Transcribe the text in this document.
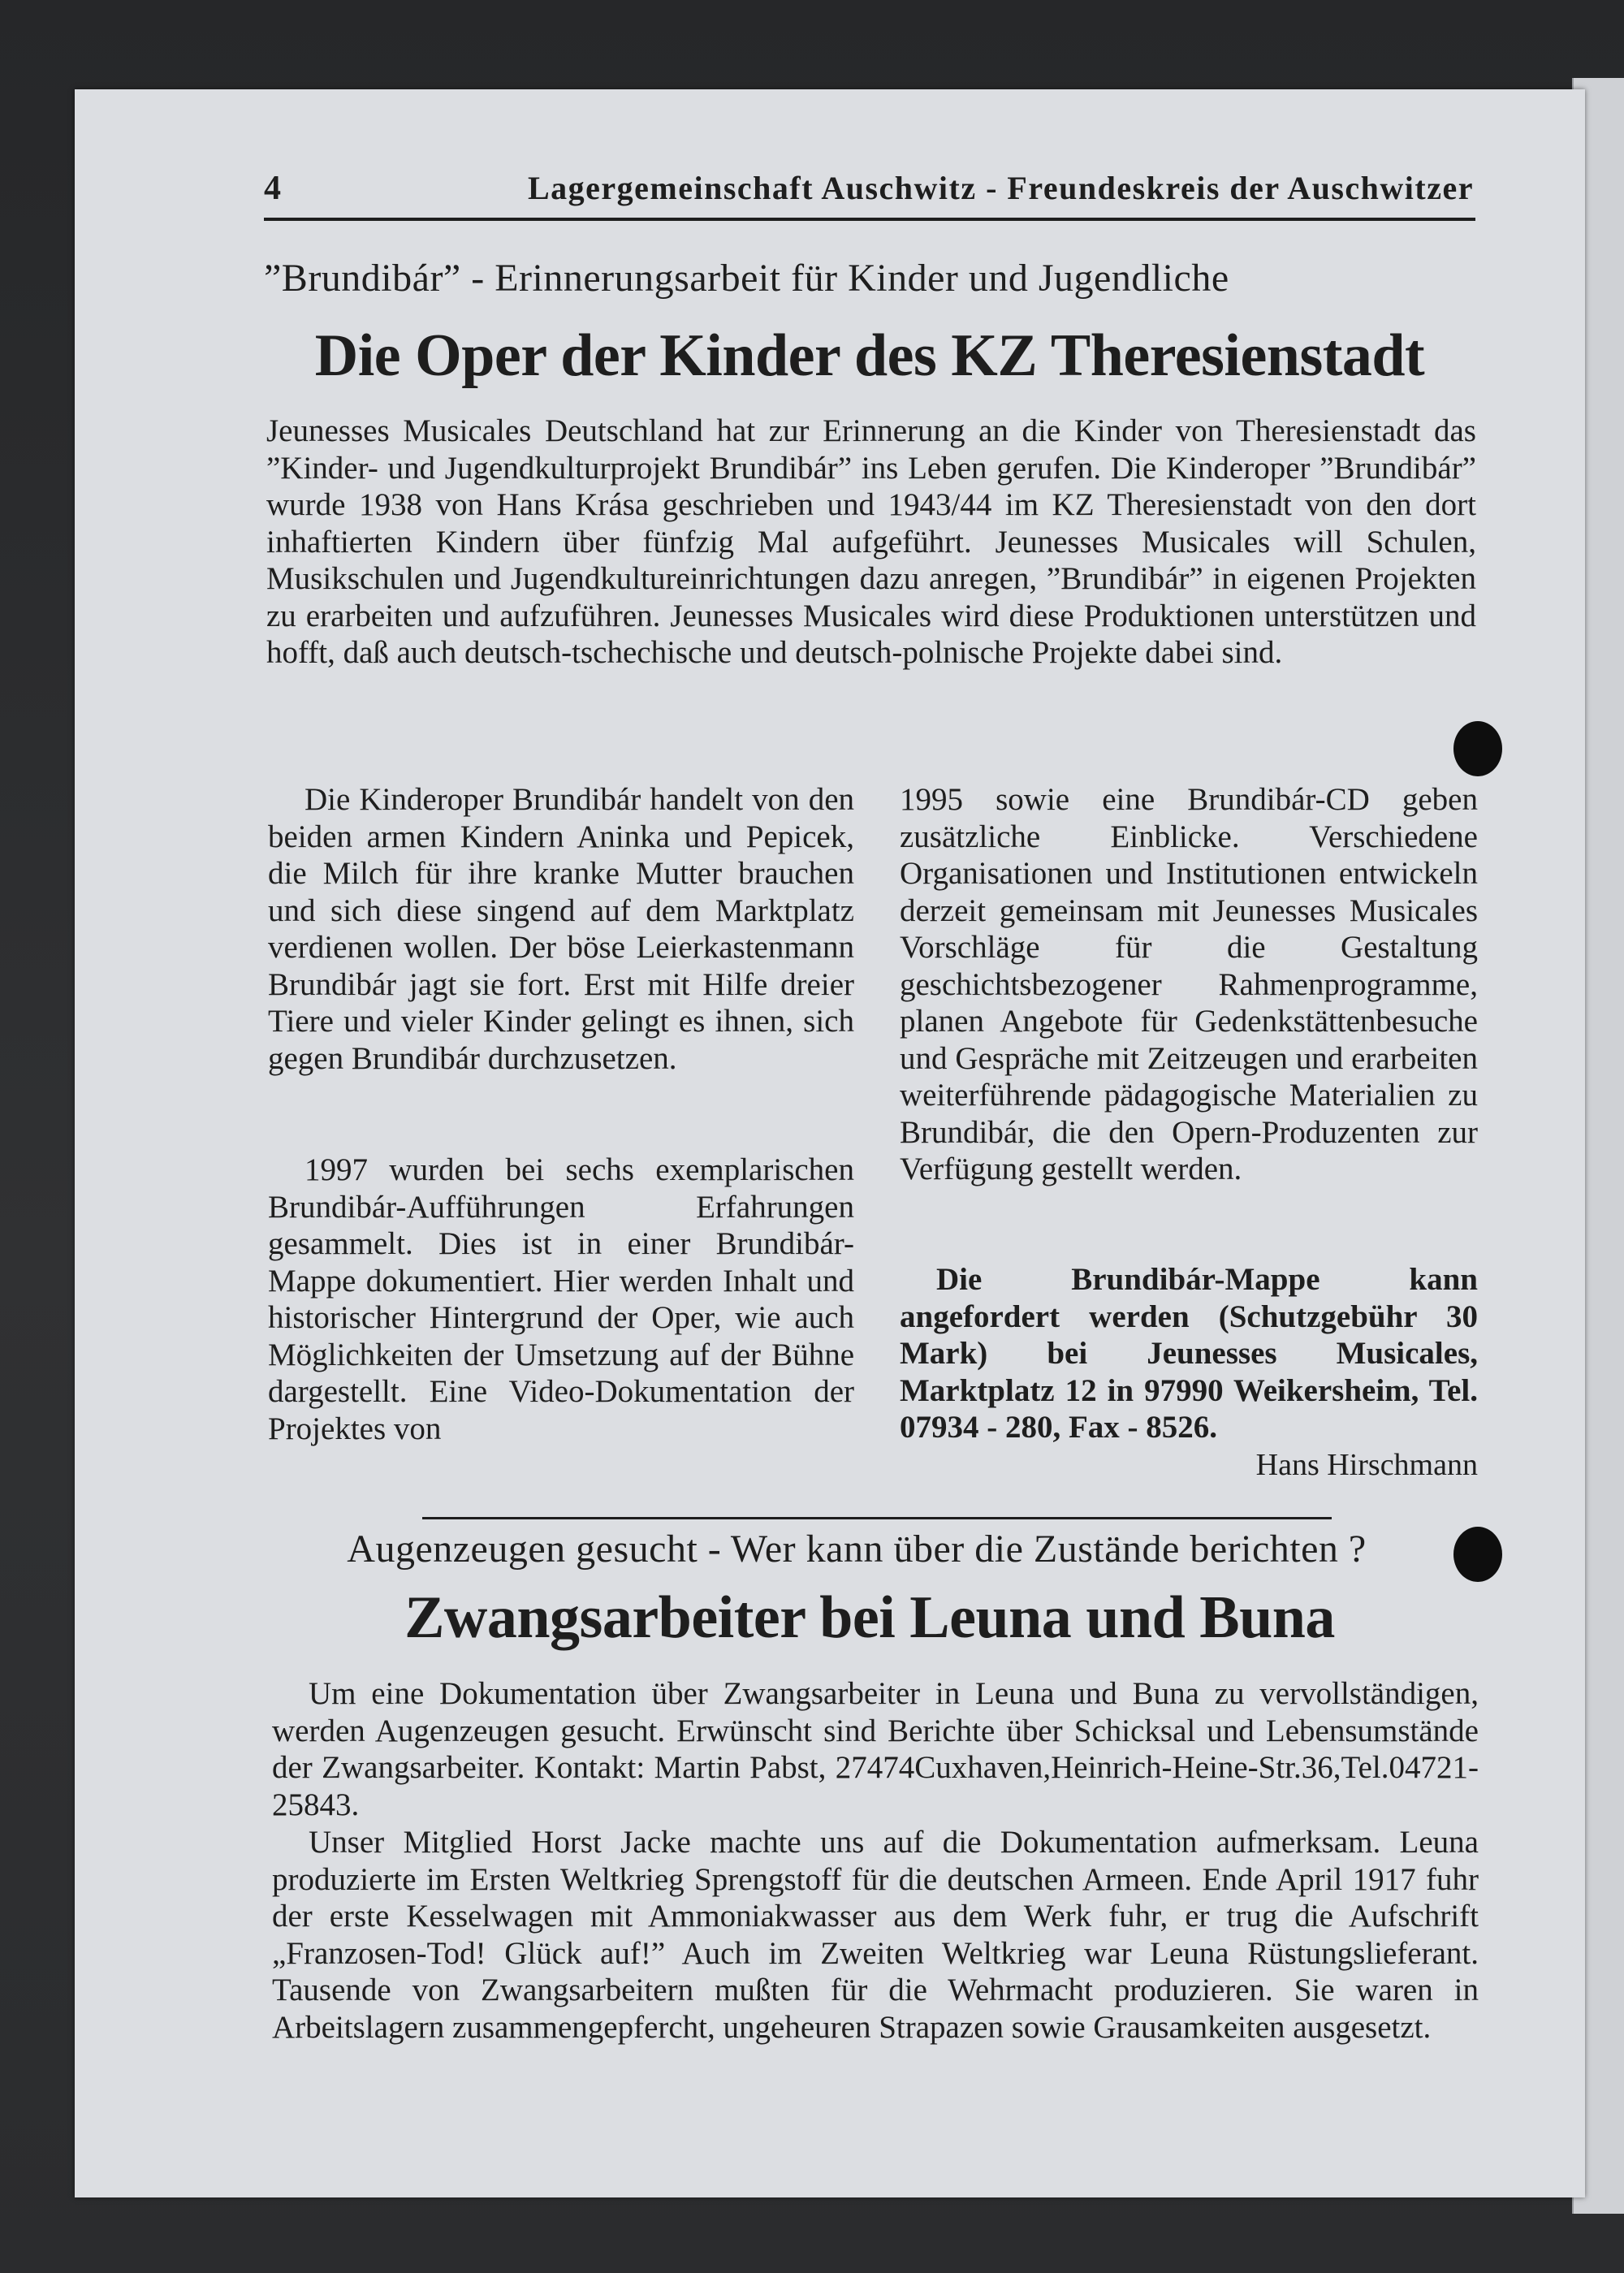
4	Lagergemeinschaft Auschwitz - Freundeskreis der Auschwitzer
”Brundibár” - Erinnerungsarbeit für Kinder und Jugendliche
Die Oper der Kinder des KZ Theresienstadt

Jeunesses Musicales Deutschland hat zur Erinnerung an die Kinder von Theresienstadt das ”Kinder- und Jugendkulturprojekt Brundibár” ins Leben gerufen. Die Kinderoper ”Brundibár” wurde 1938 von Hans Krása geschrieben und 1943/44 im KZ Theresienstadt von den dort inhaftierten Kindern über fünfzig Mal aufgeführt. Jeunesses Musicales will Schulen, Musikschulen und Jugendkultureinrichtungen dazu anregen, ”Brundibár” in eigenen Projekten zu erarbeiten und aufzuführen. Jeunesses Musicales wird diese Produktionen unterstützen und hofft, daß auch deutsch-tschechische und deutsch-polnische Projekte dabei sind.

Die Kinderoper Brundibár handelt von den beiden armen Kindern Aninka und Pepicek, die Milch für ihre kranke Mutter brauchen und sich diese singend auf dem Marktplatz verdienen wollen. Der böse Leierkastenmann Brundibár jagt sie fort. Erst mit Hilfe dreier Tiere und vieler Kinder gelingt es ihnen, sich gegen Brundibár durchzusetzen.

1997 wurden bei sechs exemplarischen Brundibár-Aufführungen Erfahrungen gesammelt. Dies ist in einer Brundibár-Mappe dokumentiert. Hier werden Inhalt und historischer Hintergrund der Oper, wie auch Möglichkeiten der Umsetzung auf der Bühne dargestellt. Eine Video-Dokumentation der Projektes von

1995 sowie eine Brundibár-CD geben zusätzliche Einblicke. Verschiedene Organisationen und Institutionen entwickeln derzeit gemeinsam mit Jeunesses Musicales Vorschläge für die Gestaltung geschichtsbezogener Rahmenprogramme, planen Angebote für Gedenkstättenbesuche und Gespräche mit Zeitzeugen und erarbeiten weiterführende pädagogische Materialien zu Brundibár, die den Opern-Produzenten zur Verfügung gestellt werden.

Die Brundibár-Mappe kann angefordert werden (Schutzgebühr 30 Mark) bei Jeunesses Musicales, Marktplatz 12 in 97990 Weikersheim, Tel. 07934 - 280, Fax - 8526.

Hans Hirschmann
Augenzeugen gesucht - Wer kann über die Zustände berichten ?
Zwangsarbeiter bei Leuna und Buna

Um eine Dokumentation über Zwangsarbeiter in Leuna und Buna zu vervollständigen, werden Augenzeugen gesucht. Erwünscht sind Berichte über Schicksal und Lebensumstände der Zwangsarbeiter. Kontakt: Martin Pabst, 27474Cuxhaven,Heinrich-Heine-Str.36,Tel.04721-25843.

Unser Mitglied Horst Jacke machte uns auf die Dokumentation aufmerksam. Leuna produzierte im Ersten Weltkrieg Sprengstoff für die deutschen Armeen. Ende April 1917 fuhr der erste Kesselwagen mit Ammoniakwasser aus dem Werk fuhr, er trug die Aufschrift „Franzosen-Tod! Glück auf!” Auch im Zweiten Weltkrieg war Leuna Rüstungslieferant. Tausende von Zwangsarbeitern mußten für die Wehrmacht produzieren. Sie waren in Arbeitslagern zusammengepfercht, ungeheuren Strapazen sowie Grausamkeiten ausgesetzt.
